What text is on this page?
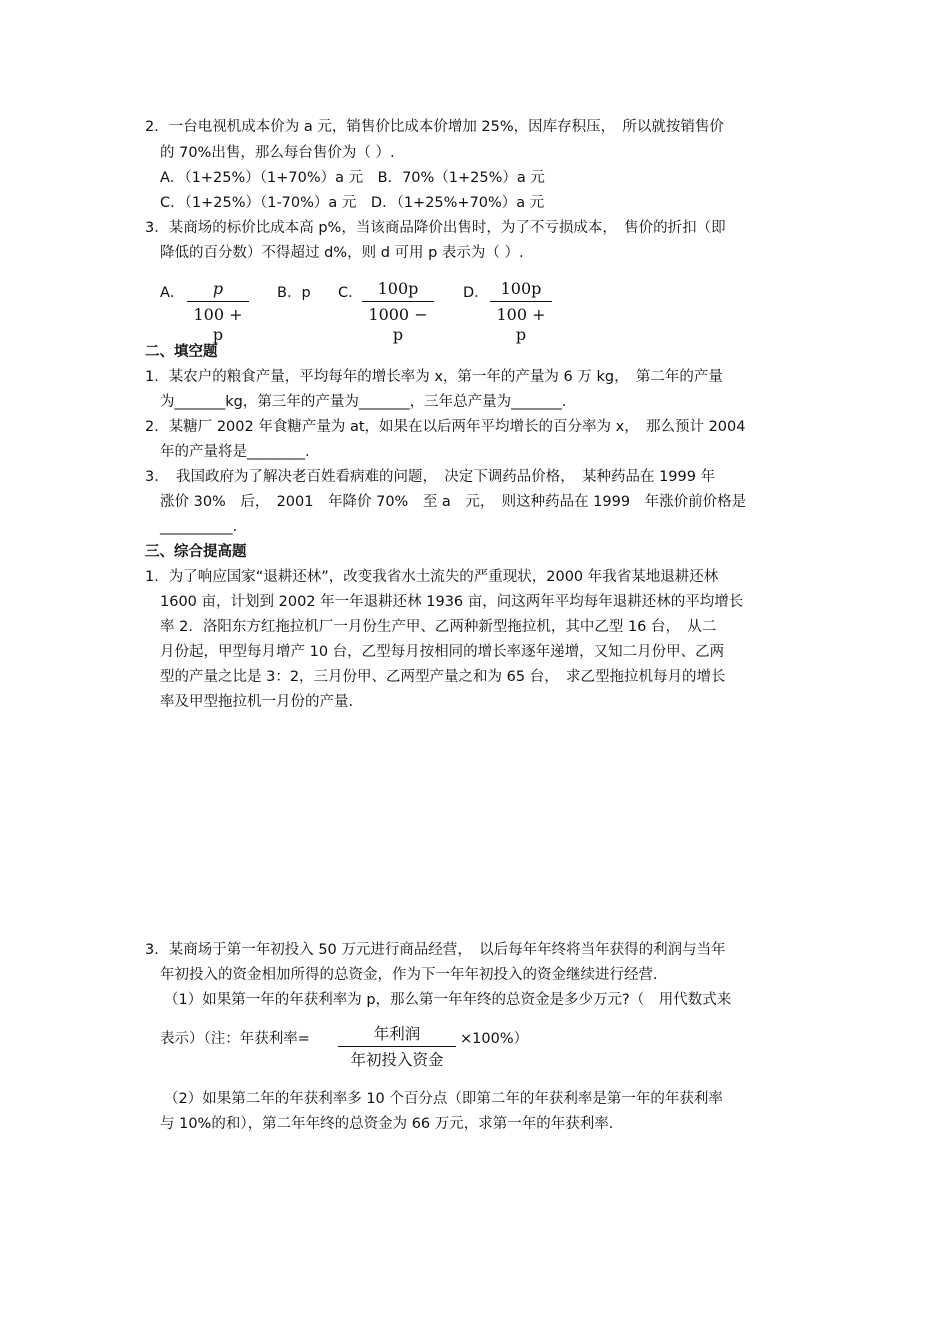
2．一台电视机成本价为 a 元，销售价比成本价增加 25%，因库存积压，　所以就按销售价
的 70%出售，那么每台售价为（ ）.
A．（1+25%）（1+70%）a 元　B．70%（1+25%）a 元
C．（1+25%）（1-70%）a 元　D．（1+25%+70%）a 元
3．某商场的标价比成本高 p%，当该商品降价出售时，为了不亏损成本，　售价的折扣（即
降低的百分数）不得超过 d%，则 d 可用 p 表示为（ ）.
A．	p
100 + p
B．p C． 100p
1000 − p
D． 100p
100 + p
二、填空题
1．某农户的粮食产量，平均每年的增长率为 x，第一年的产量为 6 万 kg，　第二年的产量
为_______kg，第三年的产量为_______，三年总产量为_______.
2．某糖厂 2002 年食糖产量为 at，如果在以后两年平均增长的百分率为 x，　那么预计 2004
年的产量将是________.
3．　我国政府为了解决老百姓看病难的问题，　决定下调药品价格，　某种药品在 1999 年
涨价 30%　后，　2001　年降价 70%　至 a　元，　则这种药品在 1999　年涨价前价格是
__________.
三、综合提高题
1．为了响应国家“退耕还林”，改变我省水土流失的严重现状，2000 年我省某地退耕还林
1600 亩，计划到 2002 年一年退耕还林 1936 亩，问这两年平均每年退耕还林的平均增长
率 2．洛阳东方红拖拉机厂一月份生产甲、乙两种新型拖拉机，其中乙型 16 台，　从二
月份起，甲型每月增产 10 台，乙型每月按相同的增长率逐年递增，又知二月份甲、乙两
型的产量之比是 3：2，三月份甲、乙两型产量之和为 65 台，　求乙型拖拉机每月的增长
率及甲型拖拉机一月份的产量.
3．某商场于第一年初投入 50 万元进行商品经营，　以后每年年终将当年获得的利润与当年
年初投入的资金相加所得的总资金，作为下一年年初投入的资金继续进行经营.
（1）如果第一年的年获利率为 p，那么第一年年终的总资金是多少万元?（　用代数式来
表示）（注：年获利率=	年利润
年初投入资金
×100%）
（2）如果第二年的年获利率多 10 个百分点（即第二年的年获利率是第一年的年获利率
与 10%的和），第二年年终的总资金为 66 万元，求第一年的年获利率.
